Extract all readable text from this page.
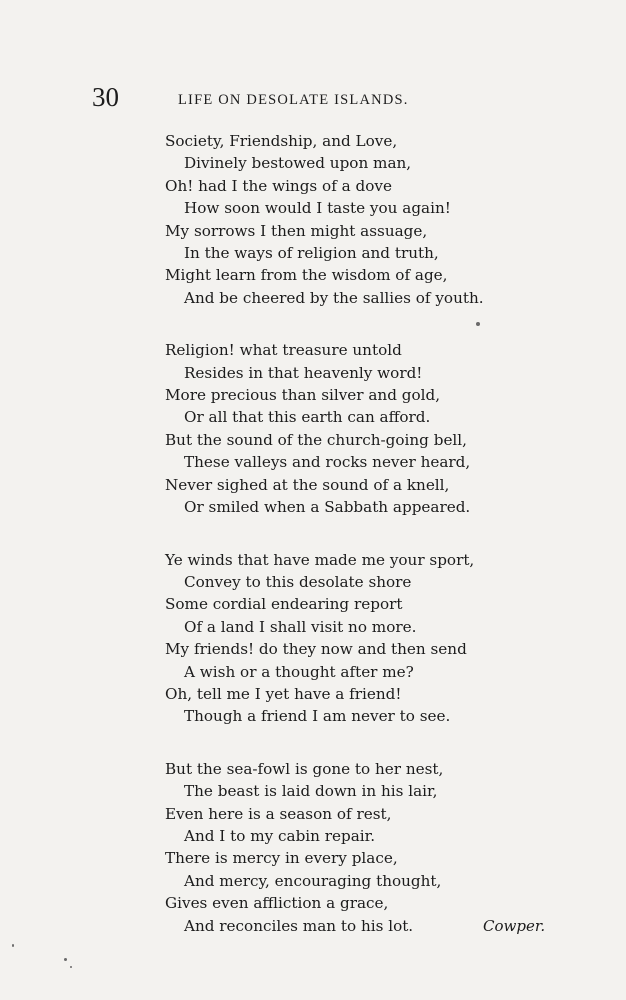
30	LIFE ON DESOLATE ISLANDS.
Society, Friendship, and Love,
Divinely bestowed upon man,
Oh! had I the wings of a dove
How soon would I taste you again!
My sorrows I then might assuage,
In the ways of religion and truth,
Might learn from the wisdom of age,
And be cheered by the sallies of youth.
Religion! what treasure untold
Resides in that heavenly word!
More precious than silver and gold,
Or all that this earth can afford.
But the sound of the church-going bell,
These valleys and rocks never heard,
Never sighed at the sound of a knell,
Or smiled when a Sabbath appeared.
Ye winds that have made me your sport,
Convey to this desolate shore
Some cordial endearing report
Of a land I shall visit no more.
My friends! do they now and then send
A wish or a thought after me?
Oh, tell me I yet have a friend!
Though a friend I am never to see.
But the sea-fowl is gone to her nest,
The beast is laid down in his lair,
Even here is a season of rest,
And I to my cabin repair.
There is mercy in every place,
And mercy, encouraging thought,
Gives even affliction a grace,
And reconciles man to his lot.	Cowper.
